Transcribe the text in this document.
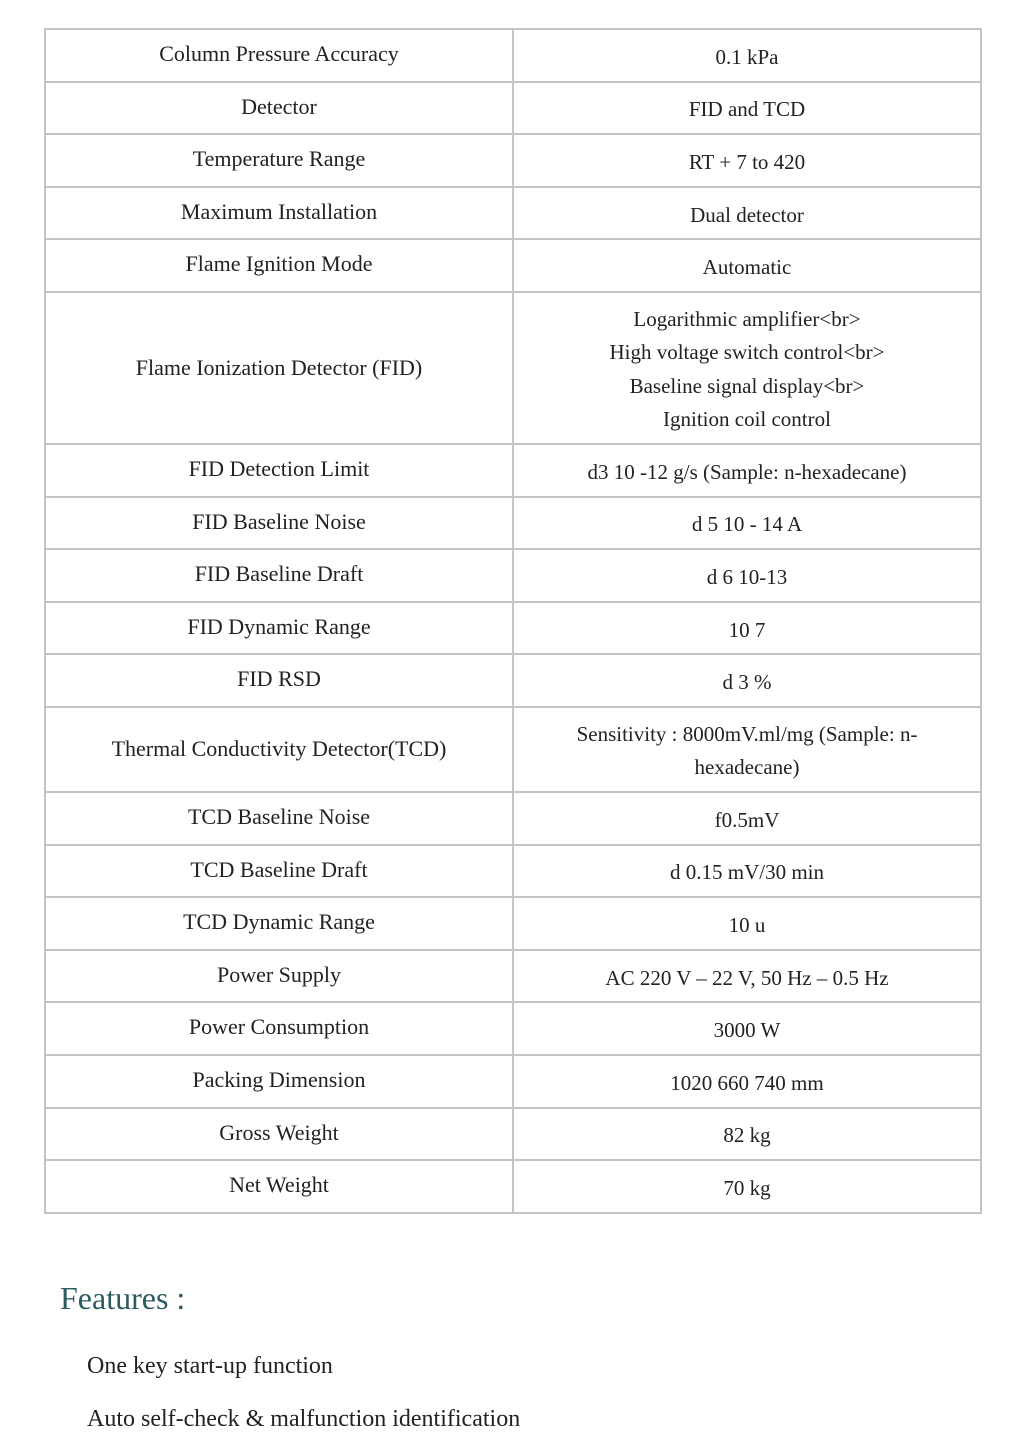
Column Pressure Accuracy	0.1 kPa
Detector	FID and TCD
Temperature Range	RT + 7 to 420
Maximum Installation	Dual detector
Flame Ignition Mode	Automatic
Flame Ionization Detector (FID)	Logarithmic amplifier<br>
High voltage switch control<br>
Baseline signal display<br>
Ignition coil control

FID Detection Limit	d3 10 -12 g/s (Sample: n-hexadecane)
FID Baseline Noise	d 5 10 - 14 A
FID Baseline Draft	d 6 10-13
FID Dynamic Range	10 7
FID RSD	d 3 %
Thermal Conductivity Detector(TCD)	Sensitivity : 8000mV.ml/mg (Sample: n-
hexadecane)

TCD Baseline Noise	f0.5mV
TCD Baseline Draft	d 0.15 mV/30 min
TCD Dynamic Range	10 u
Power Supply	AC 220 V – 22 V, 50 Hz – 0.5 Hz
Power Consumption	3000 W
Packing Dimension	1020 660 740 mm
Gross Weight	82 kg
Net Weight	70 kg
Features :
One key start-up function
Auto self-check & malfunction identification
